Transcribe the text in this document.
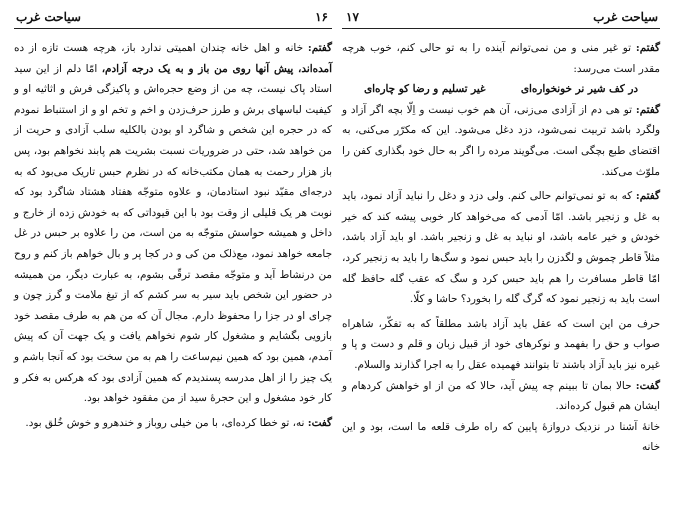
سیاحت غرب	۱۶

گفتم: خانه و اهل خانه چندان اهمیتی ندارد باز، هرچه هست تازه از ده آمده‌اند، پیش آنها روی من باز و به یک درجه آزادم، امّا دلم از این سید استاد پاک نیست، چه من از وضع حجره‌اش و پاکیزگی فرش و اثاثیه او و کیفیت لباسهای برش و طرز حرف‌زدن و اخم و تخم او و از استنباط نمودم که در حجره این شخص و شاگرد او بودن بالکلیه سلب آزادی و حریت از من خواهد شد، حتی در ضروریات نسبت بشریت هم پابند نخواهم بود، پس باز هزار رحمت به همان مکتب‌خانه که در نظرم حبس تاریک می‌بود که به درجه‌ای مقیّد نبود استادمان، و علاوه متوجّه هفتاد هشتاد شاگرد بود که نوبت هر یک قلیلی از وقت بود با این قیوداتی که به خودش زده از خارج و داخل و همیشه حواسش متوجّه به من است، من را علاوه بر حبس در غل جامعه خواهد نمود، مع‌ذلک من کی و در کجا پر و بال خواهم باز کنم و روح من درنشاط آید و متوجّه مقصد ترقّی بشوم، به عبارت دیگر، من همیشه در حضور این شخص باید سیر به سر کشم که از تیغ ملامت و گرز چون و چرای او در جزا را محفوظ دارم. مجال آن که من هم به طرف مقصد خود بازویی بگشایم و مشغول کار شوم نخواهم یافت و یک جهت آن که پیش آمدم، همین بود که همین نیم‌ساعت را هم به من سخت بود که آنجا باشم و یک چیز را از اهل مدرسه پسندیدم که همین آزادی بود که هرکس به فکر و کار خود مشغول و این حجرهٔ سید از من مفقود خواهد بود.

گفت: نه، تو خطا کرده‌ای، با من خیلی روباز و خندهرو و خوش خُلق بود.

سیاحت غرب
۱۷

گفتم: تو غیر منی و من نمی‌توانم آینده را به تو حالی کنم، خوب هرچه مقدر است می‌رسد:

در کف شیر نر خونخواره‌ای
غیر تسلیم و رضا کو چاره‌ای

گفتم: تو هی دم از آزادی می‌زنی، آن هم خوب نیست و اِلّا بچه اگر آزاد و ولگرد باشد تربیت نمی‌شود، دزد دغل می‌شود. این که مکرّر می‌کنی، به اقتضای طبع بچگی است. می‌گویند مرده را اگر به حال خود بگذاری کفن را ملوّث می‌کند.

گفتم: که به تو نمی‌توانم حالی کنم. ولی دزد و دغل را نباید آزاد نمود، باید به غل و زنجیر باشد. امّا آدمی که می‌خواهد کار خوبی پیشه کند که خیر خودش و خیر عامه باشد، او نباید به غل و زنجیر باشد. او باید آزاد باشد، مثلاً قاطر چموش و لگدزن را باید حبس نمود و سگ‌ها را باید به زنجیر کرد، امّا قاطر مسافرت را هم باید حبس کرد و سگ که عقب گله حافظ گله است باید به زنجیر نمود که گرگ گله را بخورد؟ حاشا و کلّا.

حرف من این است که عقل باید آزاد باشد مطلقاً که به تفکّر، شاهراه صواب و حق را بفهمد و نوکرهای خود از قبیل زبان و قلم و دست و پا و غیره نیز باید آزاد باشند تا بتوانند فهمیده عقل را به اجرا گذارند والسلام.

گفت: حالا بمان تا ببینم چه پیش آید، حالا که من از او خواهش کردهام و ایشان هم قبول کرده‌اند.

خانهٔ آشنا در نزدیک دروازهٔ پایین که راه طرف قلعه ما است، بود و این خانه
